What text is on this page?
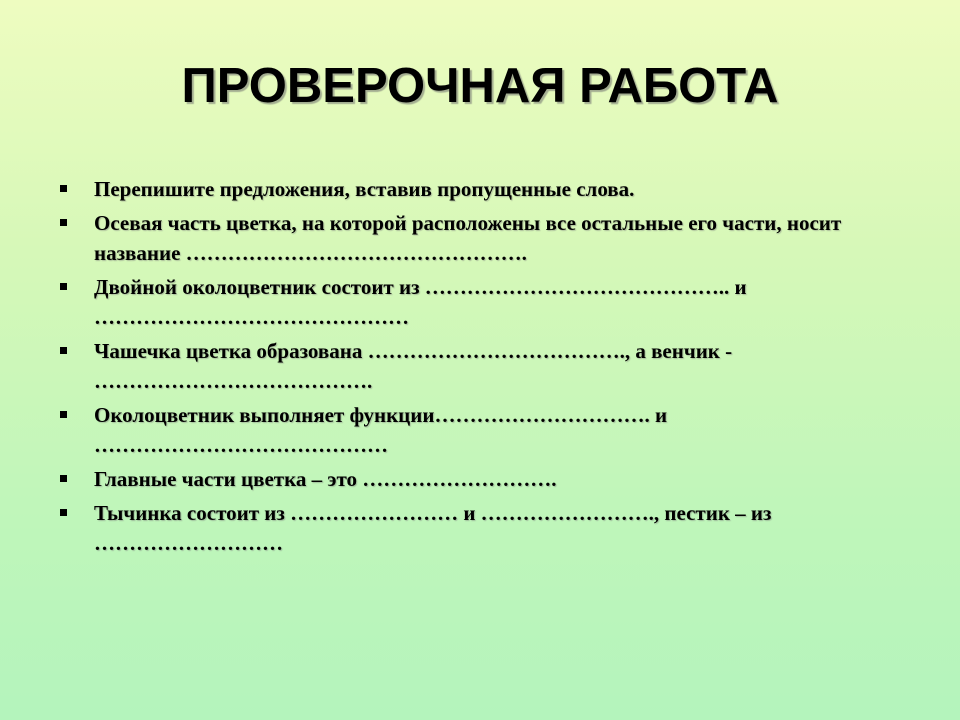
ПРОВЕРОЧНАЯ РАБОТА
Перепишите предложения, вставив пропущенные слова.
Осевая часть цветка, на которой расположены все остальные его части, носит название ………………………………………….
Двойной околоцветник состоит из …………………………………….. и ………………………………………
Чашечка цветка образована ………………………………., а венчик - ………………………………….
Околоцветник выполняет функции…………………………. и ……………………………………
Главные части цветка – это ……………………….
Тычинка состоит из …………………… и ……………………., пестик – из ………………………
